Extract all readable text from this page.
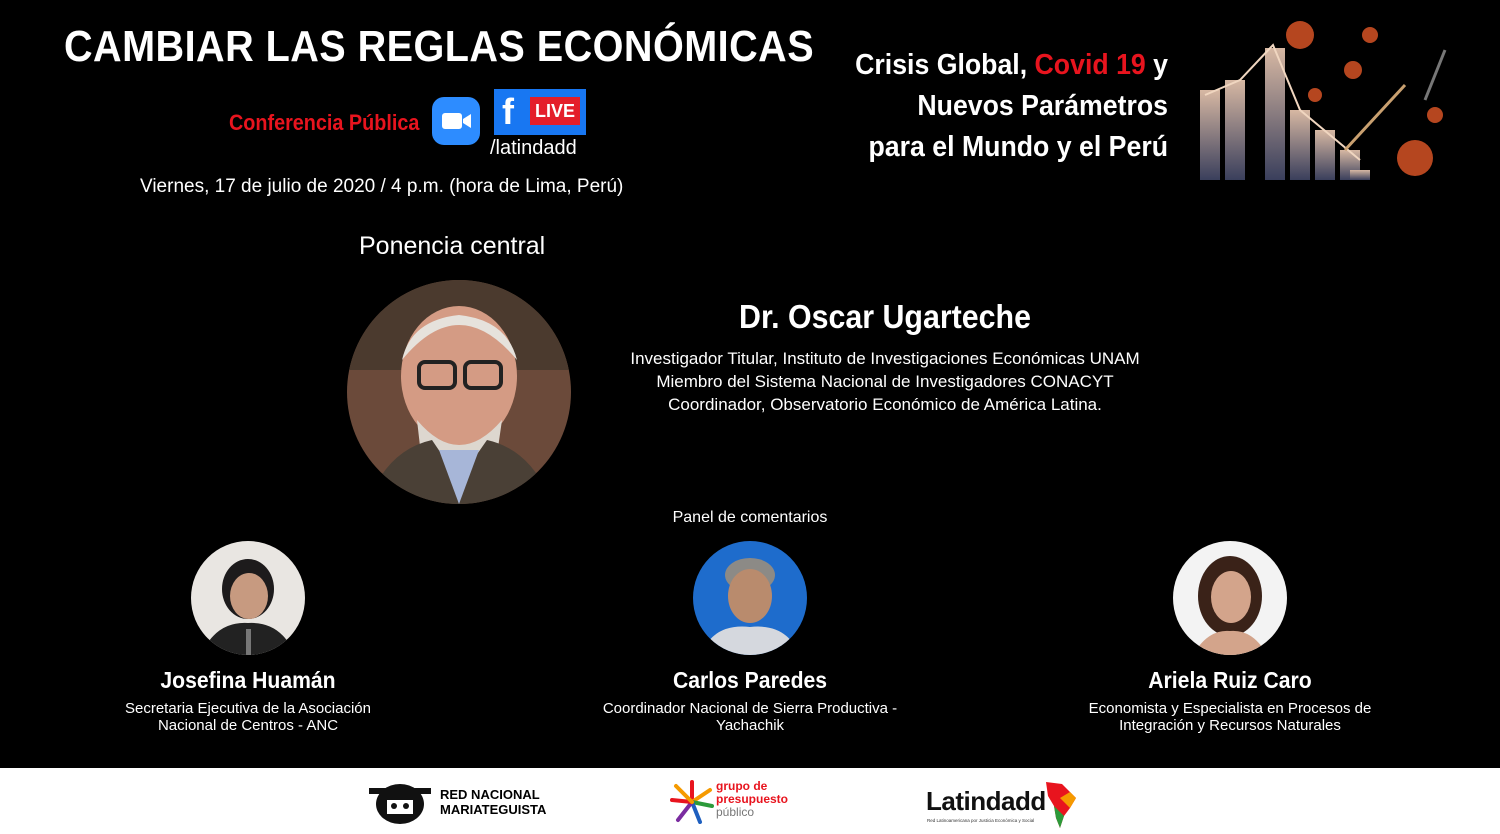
CAMBIAR LAS REGLAS ECONÓMICAS
Conferencia Pública f LIVE
/latindadd
Viernes, 17 de julio de 2020 / 4 p.m. (hora de Lima, Perú)
Crisis Global, Covid 19 y
Nuevos Parámetros
para el Mundo y el Perú
Ponencia central
Dr. Oscar Ugarteche
Investigador Titular, Instituto de Investigaciones Económicas UNAM
Miembro del Sistema Nacional de Investigadores CONACYT
Coordinador, Observatorio Económico de América Latina.
Panel de comentarios
Josefina Huamán
Secretaria Ejecutiva de la Asociación
Nacional de Centros - ANC
Carlos Paredes
Coordinador Nacional de Sierra Productiva -
Yachachik
Ariela Ruiz Caro
Economista y Especialista en Procesos de
Integración y Recursos Naturales
RED NACIONAL
MARIATEGUISTA
grupo de
presupuesto
público	Latindadd
Red Latinoamericana por Justicia Económica y Social
